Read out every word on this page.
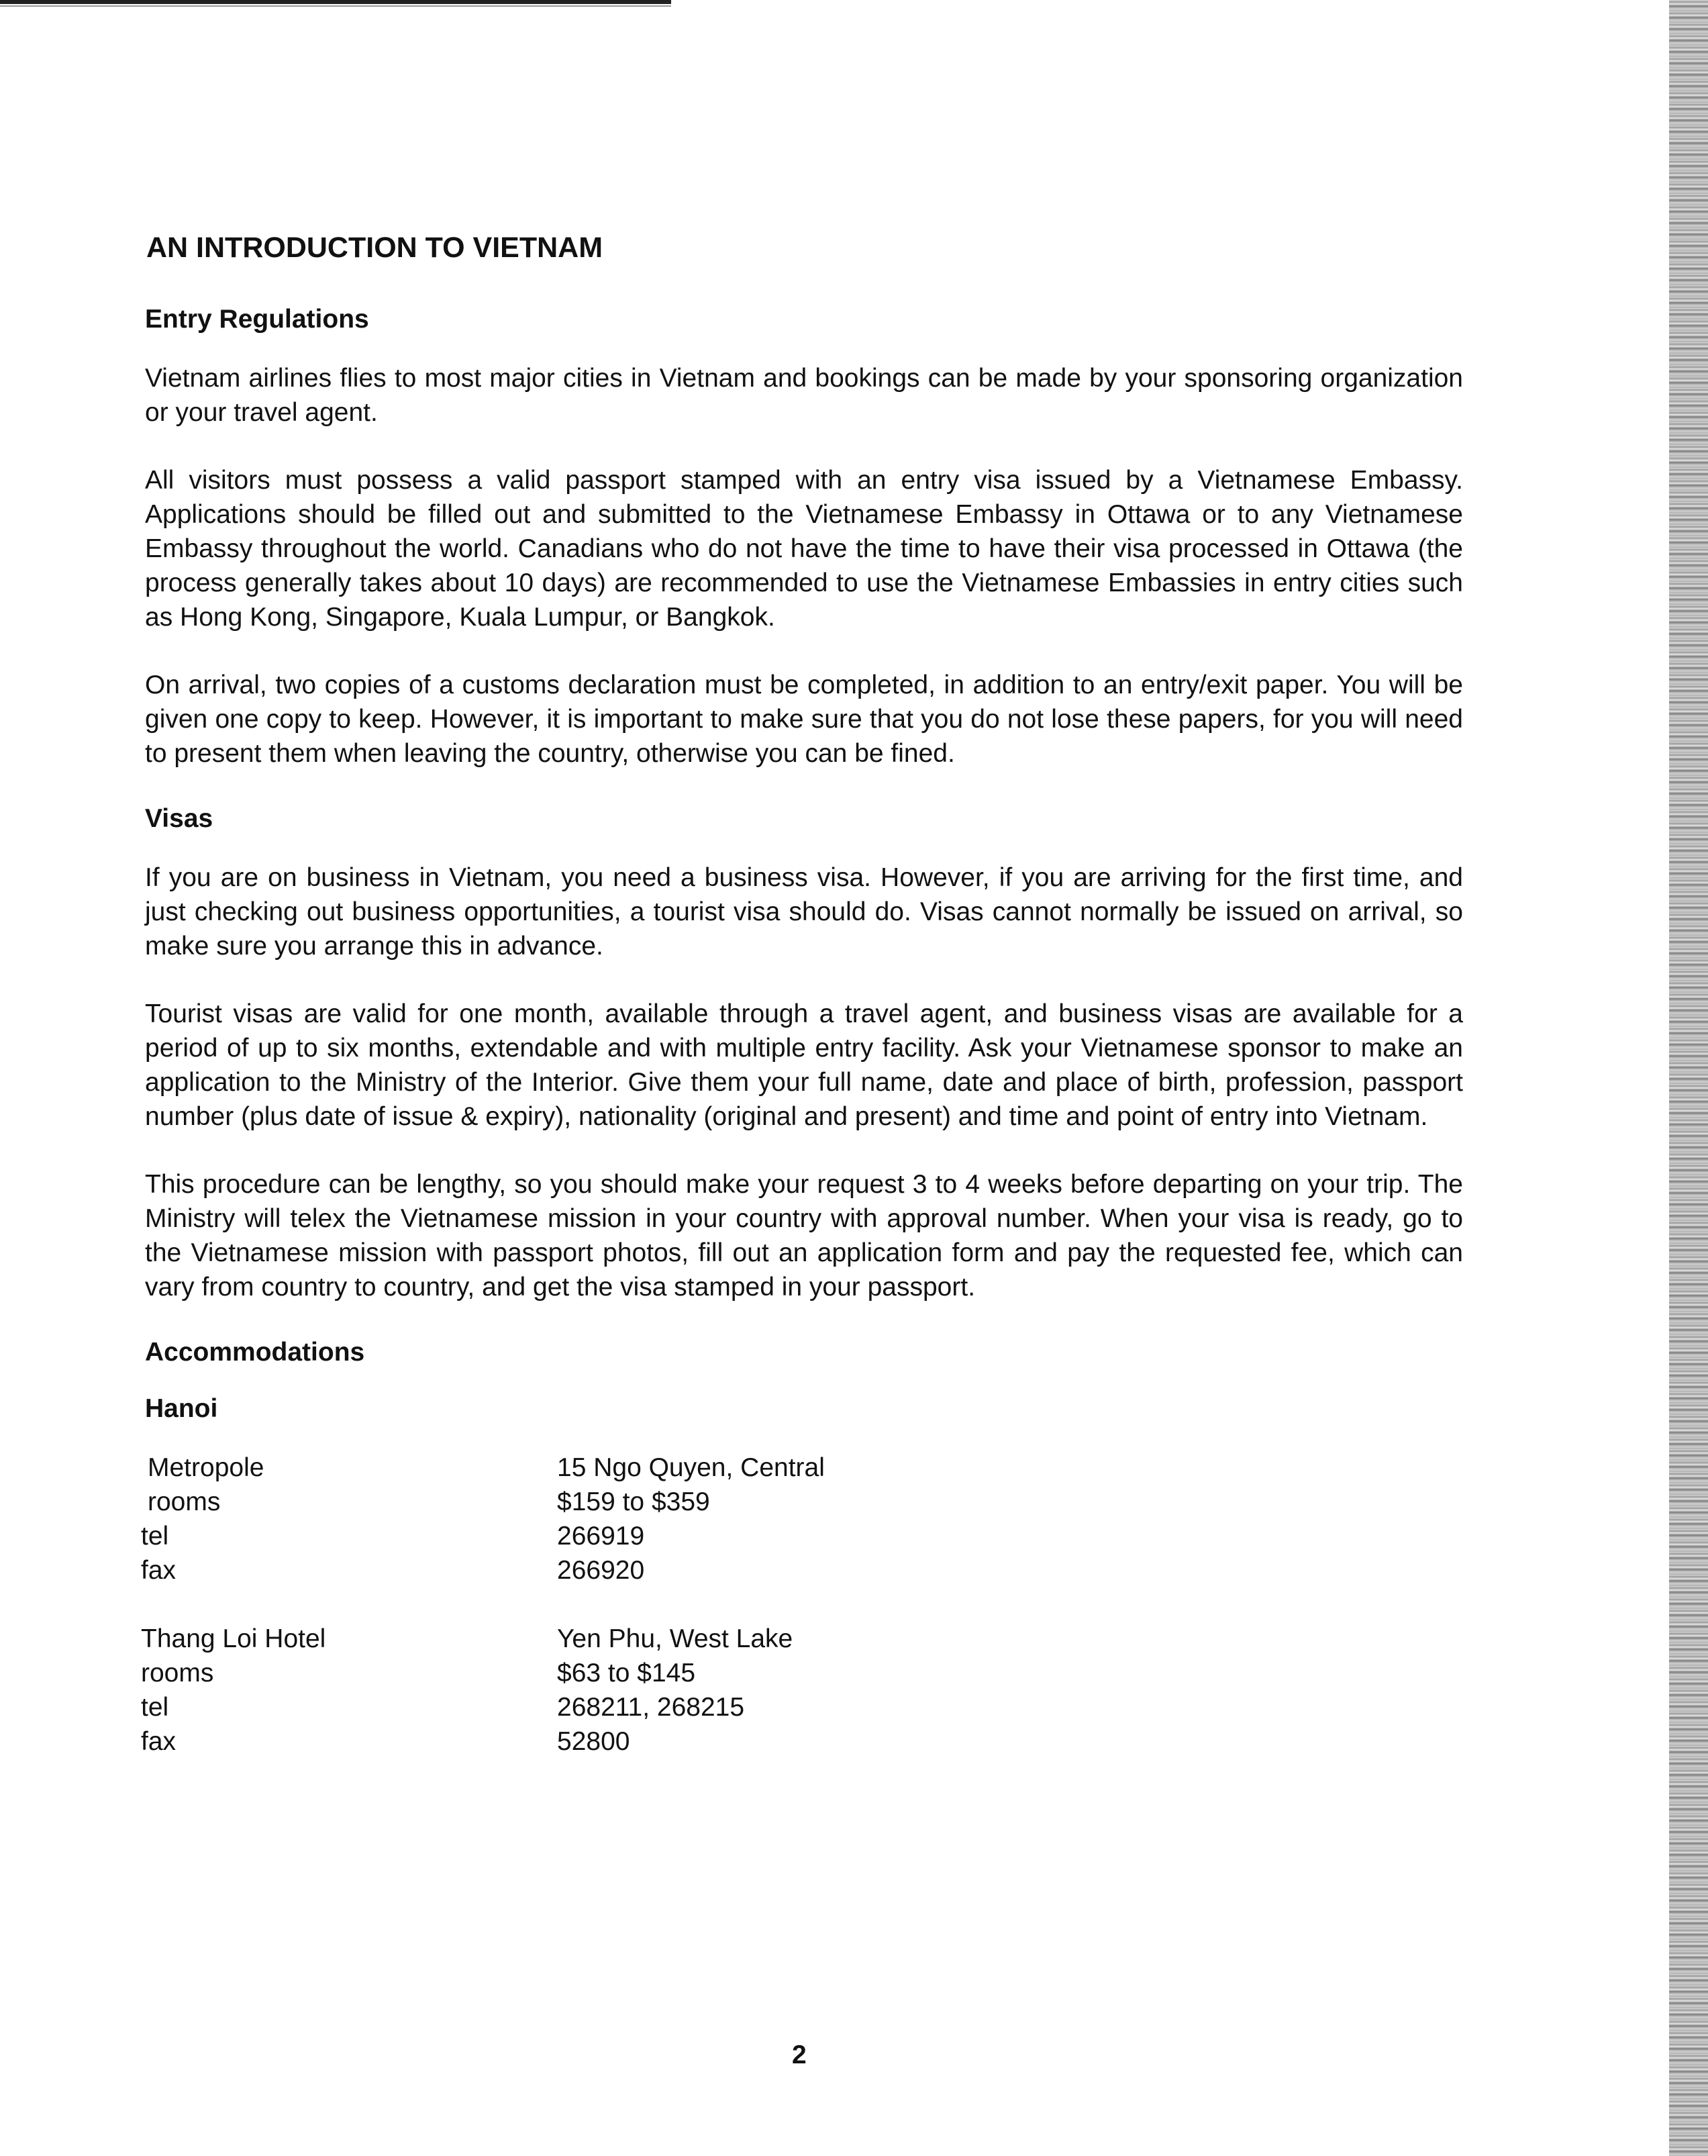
AN INTRODUCTION TO VIETNAM
Entry Regulations

Vietnam airlines flies to most major cities in Vietnam and bookings can be made by your sponsoring organization or your travel agent.

All visitors must possess a valid passport stamped with an entry visa issued by a Vietnamese Embassy. Applications should be filled out and submitted to the Vietnamese Embassy in Ottawa or to any Vietnamese Embassy throughout the world. Canadians who do not have the time to have their visa processed in Ottawa (the process generally takes about 10 days) are recommended to use the Vietnamese Embassies in entry cities such as Hong Kong, Singapore, Kuala Lumpur, or Bangkok.

On arrival, two copies of a customs declaration must be completed, in addition to an entry/exit paper. You will be given one copy to keep. However, it is important to make sure that you do not lose these papers, for you will need to present them when leaving the country, otherwise you can be fined.

Visas

If you are on business in Vietnam, you need a business visa. However, if you are arriving for the first time, and just checking out business opportunities, a tourist visa should do. Visas cannot normally be issued on arrival, so make sure you arrange this in advance.

Tourist visas are valid for one month, available through a travel agent, and business visas are available for a period of up to six months, extendable and with multiple entry facility. Ask your Vietnamese sponsor to make an application to the Ministry of the Interior. Give them your full name, date and place of birth, profession, passport number (plus date of issue & expiry), nationality (original and present) and time and point of entry into Vietnam.

This procedure can be lengthy, so you should make your request 3 to 4 weeks before departing on your trip. The Ministry will telex the Vietnamese mission in your country with approval number. When your visa is ready, go to the Vietnamese mission with passport photos, fill out an application form and pay the requested fee, which can vary from country to country, and get the visa stamped in your passport.

Accommodations
Hanoi
Metropole	15 Ngo Quyen, Central
rooms	$159 to $359
tel	266919
fax	266920
Thang Loi Hotel	Yen Phu, West Lake
rooms	$63 to $145
tel	268211, 268215
fax	52800
2
